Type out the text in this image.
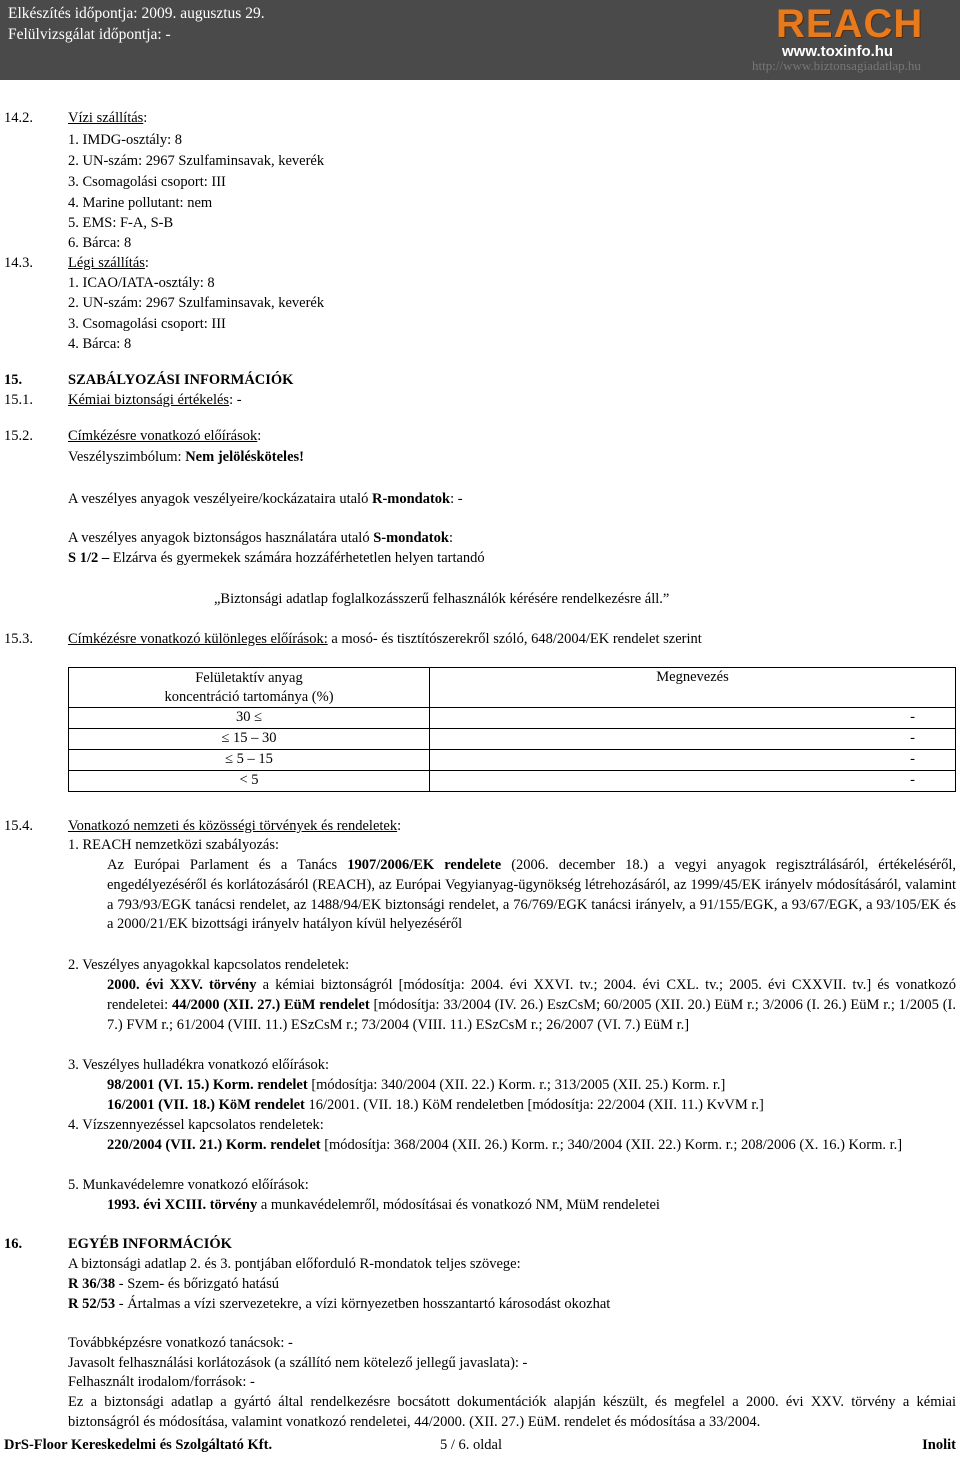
Elkészítés időpontja: 2009. augusztus 29.
Felülvizsgálat időpontja: -	REACH
www.toxinfo.hu
http://www.biztonsagiadatlap.hu
14.2. Vízi szállítás:
1. IMDG-osztály: 8
2. UN-szám: 2967 Szulfaminsavak, keverék
3. Csomagolási csoport: III
4. Marine pollutant: nem
5. EMS: F-A, S-B
6. Bárca: 8
14.3. Légi szállítás:
1. ICAO/IATA-osztály: 8
2. UN-szám: 2967 Szulfaminsavak, keverék
3. Csomagolási csoport: III
4. Bárca: 8
15.	SZABÁLYOZÁSI INFORMÁCIÓK
15.1. Kémiai biztonsági értékelés: -
15.2. Címkézésre vonatkozó előírások:
Veszélyszimbólum: Nem jelölésköteles!
A veszélyes anyagok veszélyeire/kockázataira utaló R-mondatok: -
A veszélyes anyagok biztonságos használatára utaló S-mondatok:
S 1/2 – Elzárva és gyermekek számára hozzáférhetetlen helyen tartandó
„Biztonsági adatlap foglalkozásszerű felhasználók kérésére rendelkezésre áll.”
15.3. Címkézésre vonatkozó különleges előírások: a mosó- és tisztítószerekről szóló, 648/2004/EK rendelet szerint
Felületaktív anyag
koncentráció tartománya (%)	Megnevezés
30 ≤	-
≤ 15 – 30	-
≤ 5 – 15	-
< 5	-
15.4. Vonatkozó nemzeti és közösségi törvények és rendeletek:
1. REACH nemzetközi szabályozás:
Az Európai Parlament és a Tanács 1907/2006/EK rendelete (2006. december 18.) a vegyi anyagok regisztrálásáról, értékeléséről, engedélyezéséről és korlátozásáról (REACH), az Európai Vegyianyag-ügynökség létrehozásáról, az 1999/45/EK irányelv módosításáról, valamint a 793/93/EGK tanácsi rendelet, az 1488/94/EK biztonsági rendelet, a 76/769/EGK tanácsi irányelv, a 91/155/EGK, a 93/67/EGK, a 93/105/EK és a 2000/21/EK bizottsági irányelv hatályon kívül helyezéséről
2. Veszélyes anyagokkal kapcsolatos rendeletek:
2000. évi XXV. törvény a kémiai biztonságról [módosítja: 2004. évi XXVI. tv.; 2004. évi CXL. tv.; 2005. évi CXXVII. tv.] és vonatkozó rendeletei: 44/2000 (XII. 27.) EüM rendelet [módosítja: 33/2004 (IV. 26.) EszCsM; 60/2005 (XII. 20.) EüM r.; 3/2006 (I. 26.) EüM r.; 1/2005 (I. 7.) FVM r.; 61/2004 (VIII. 11.) ESzCsM r.; 73/2004 (VIII. 11.) ESzCsM r.; 26/2007 (VI. 7.) EüM r.]
3. Veszélyes hulladékra vonatkozó előírások:
98/2001 (VI. 15.) Korm. rendelet [módosítja: 340/2004 (XII. 22.) Korm. r.; 313/2005 (XII. 25.) Korm. r.]
16/2001 (VII. 18.) KöM rendelet 16/2001. (VII. 18.) KöM rendeletben [módosítja: 22/2004 (XII. 11.) KvVM r.]
4. Vízszennyezéssel kapcsolatos rendeletek:
220/2004 (VII. 21.) Korm. rendelet [módosítja: 368/2004 (XII. 26.) Korm. r.; 340/2004 (XII. 22.) Korm. r.; 208/2006 (X. 16.) Korm. r.]
5. Munkavédelemre vonatkozó előírások:
1993. évi XCIII. törvény a munkavédelemről, módosításai és vonatkozó NM, MüM rendeletei
16.	EGYÉB INFORMÁCIÓK
A biztonsági adatlap 2. és 3. pontjában előforduló R-mondatok teljes szövege:
R 36/38 - Szem- és bőrizgató hatású
R 52/53 - Ártalmas a vízi szervezetekre, a vízi környezetben hosszantartó károsodást okozhat
Továbbképzésre vonatkozó tanácsok: -
Javasolt felhasználási korlátozások (a szállító nem kötelező jellegű javaslata): -
Felhasznált irodalom/források: -
Ez a biztonsági adatlap a gyártó által rendelkezésre bocsátott dokumentációk alapján készült, és megfelel a 2000. évi XXV. törvény a kémiai biztonságról és módosítása, valamint vonatkozó rendeletei, 44/2000. (XII. 27.) EüM. rendelet és módosítása a 33/2004.
DrS-Floor Kereskedelmi és Szolgáltató Kft.	5 / 6. oldal	Inolit
